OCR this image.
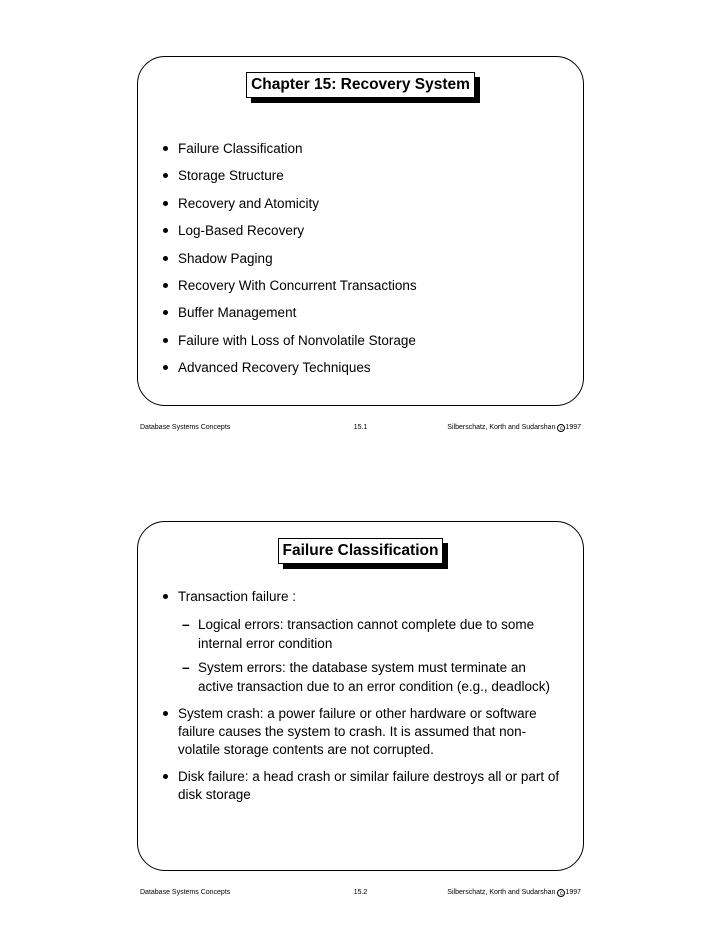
Chapter 15: Recovery System
Failure Classification
Storage Structure
Recovery and Atomicity
Log-Based Recovery
Shadow Paging
Recovery With Concurrent Transactions
Buffer Management
Failure with Loss of Nonvolatile Storage
Advanced Recovery Techniques
Database Systems Concepts	15.1	Silberschatz, Korth and Sudarshan c 1997
Failure Classification
Transaction failure :
– Logical errors: transaction cannot complete due to some internal error condition
– System errors: the database system must terminate an active transaction due to an error condition (e.g., deadlock)
System crash: a power failure or other hardware or software failure causes the system to crash. It is assumed that non-volatile storage contents are not corrupted.
Disk failure: a head crash or similar failure destroys all or part of disk storage
Database Systems Concepts	15.2	Silberschatz, Korth and Sudarshan c 1997
